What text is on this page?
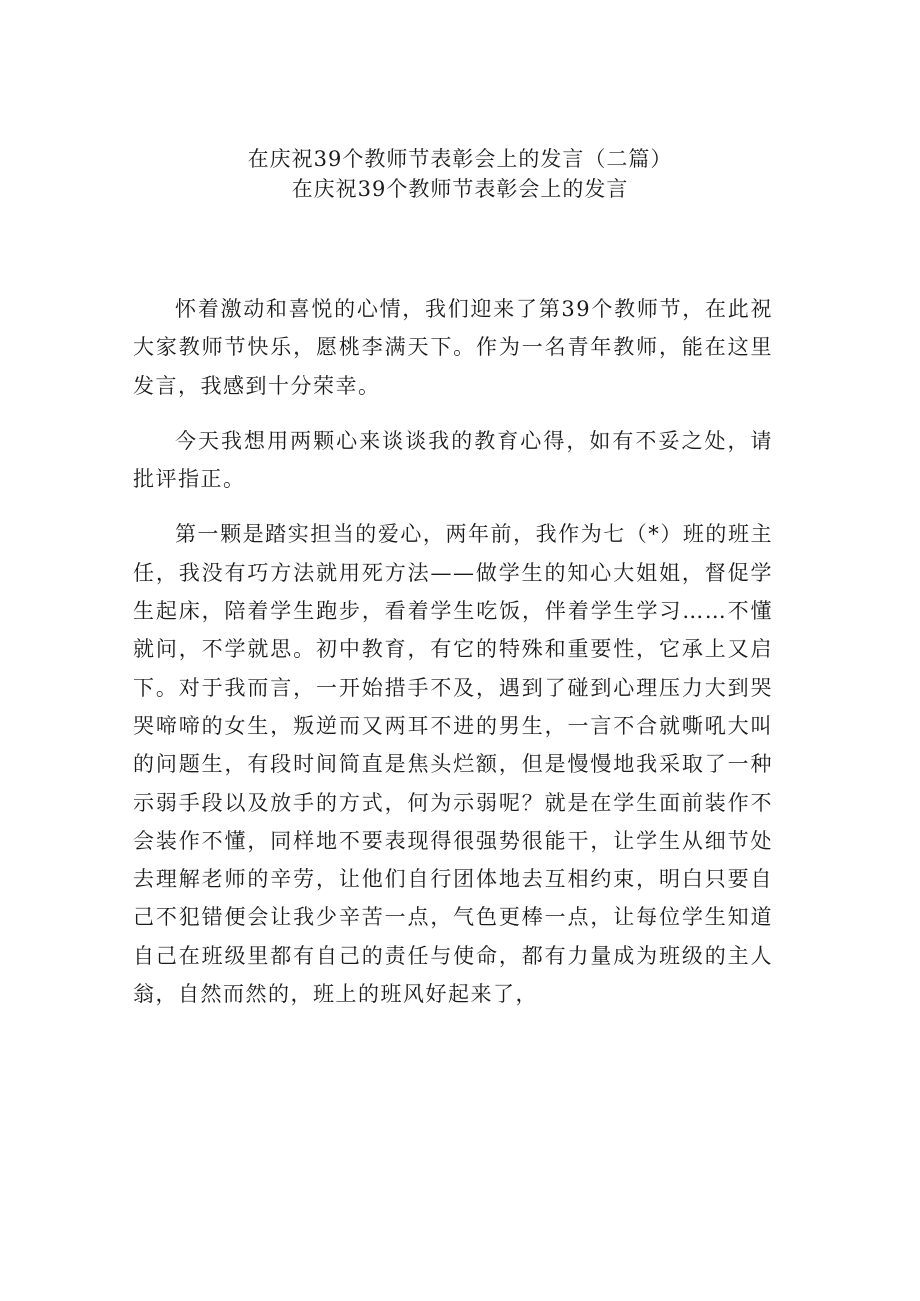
在庆祝39个教师节表彰会上的发言（二篇）
在庆祝39个教师节表彰会上的发言

怀着激动和喜悦的心情，我们迎来了第39个教师节，在此祝大家教师节快乐，愿桃李满天下。作为一名青年教师，能在这里发言，我感到十分荣幸。

今天我想用两颗心来谈谈我的教育心得，如有不妥之处，请批评指正。

第一颗是踏实担当的爱心，两年前，我作为七（*）班的班主任，我没有巧方法就用死方法——做学生的知心大姐姐，督促学生起床，陪着学生跑步，看着学生吃饭，伴着学生学习……不懂就问，不学就思。初中教育，有它的特殊和重要性，它承上又启下。对于我而言，一开始措手不及，遇到了碰到心理压力大到哭哭啼啼的女生，叛逆而又两耳不进的男生，一言不合就嘶吼大叫的问题生，有段时间简直是焦头烂额，但是慢慢地我采取了一种示弱手段以及放手的方式，何为示弱呢？就是在学生面前装作不会装作不懂，同样地不要表现得很强势很能干，让学生从细节处去理解老师的辛劳，让他们自行团体地去互相约束，明白只要自己不犯错便会让我少辛苦一点，气色更棒一点，让每位学生知道自己在班级里都有自己的责任与使命，都有力量成为班级的主人翁，自然而然的，班上的班风好起来了，
